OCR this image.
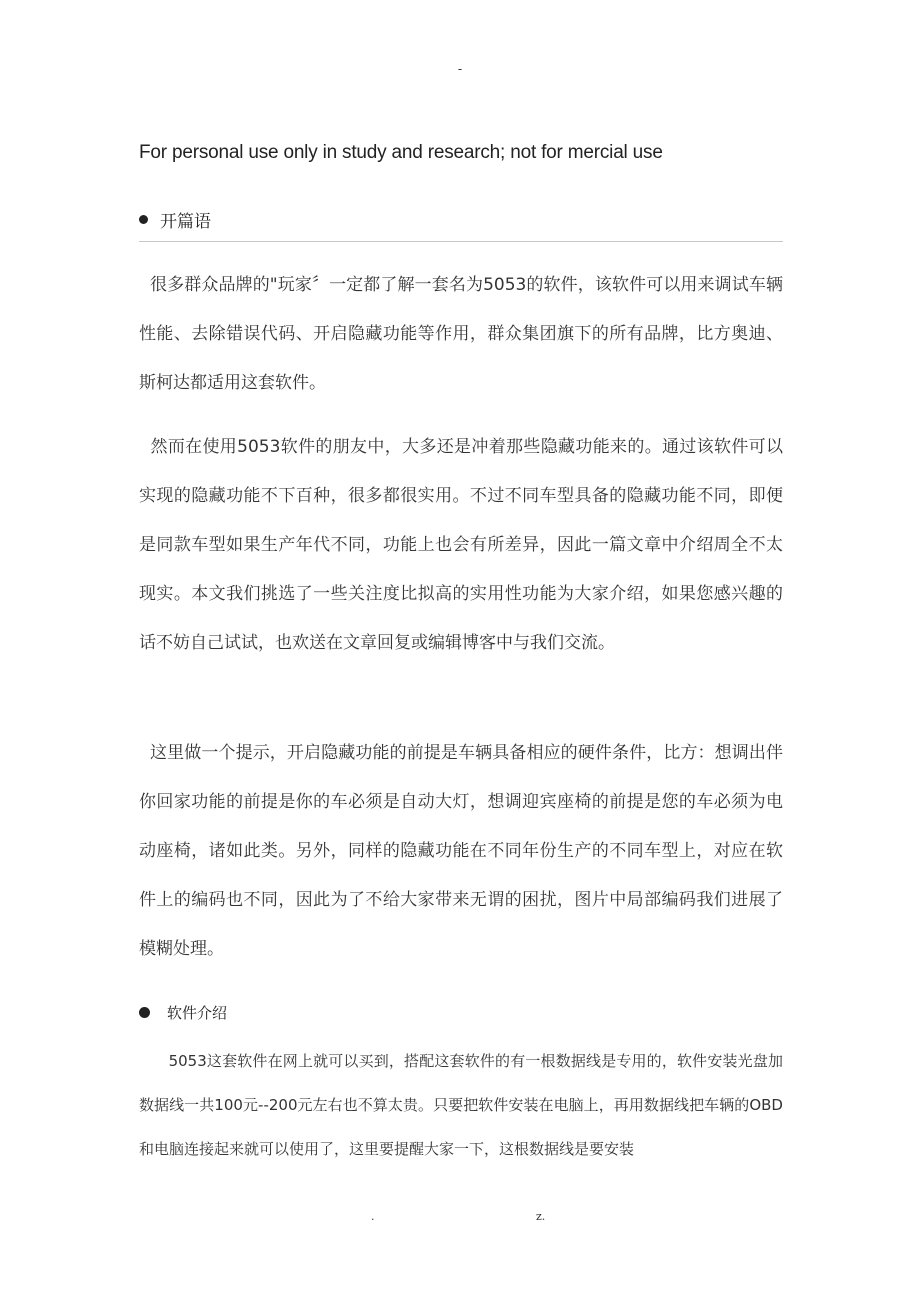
-
For personal use only in study and research; not for mercial use
开篇语

很多群众品牌的"玩家〞一定都了解一套名为5053的软件，该软件可以用来调试车辆性能、去除错误代码、开启隐藏功能等作用，群众集团旗下的所有品牌，比方奥迪、斯柯达都适用这套软件。

然而在使用5053软件的朋友中，大多还是冲着那些隐藏功能来的。通过该软件可以实现的隐藏功能不下百种，很多都很实用。不过不同车型具备的隐藏功能不同，即便是同款车型如果生产年代不同，功能上也会有所差异，因此一篇文章中介绍周全不太现实。本文我们挑选了一些关注度比拟高的实用性功能为大家介绍，如果您感兴趣的话不妨自己试试，也欢送在文章回复或编辑博客中与我们交流。

这里做一个提示，开启隐藏功能的前提是车辆具备相应的硬件条件，比方：想调出伴你回家功能的前提是你的车必须是自动大灯，想调迎宾座椅的前提是您的车必须为电动座椅，诸如此类。另外，同样的隐藏功能在不同年份生产的不同车型上，对应在软件上的编码也不同，因此为了不给大家带来无谓的困扰，图片中局部编码我们进展了模糊处理。

软件介绍

5053这套软件在网上就可以买到，搭配这套软件的有一根数据线是专用的，软件安装光盘加数据线一共100元--200元左右也不算太贵。只要把软件安装在电脑上，再用数据线把车辆的OBD和电脑连接起来就可以使用了，这里要提醒大家一下，这根数据线是要安装

.	z.
